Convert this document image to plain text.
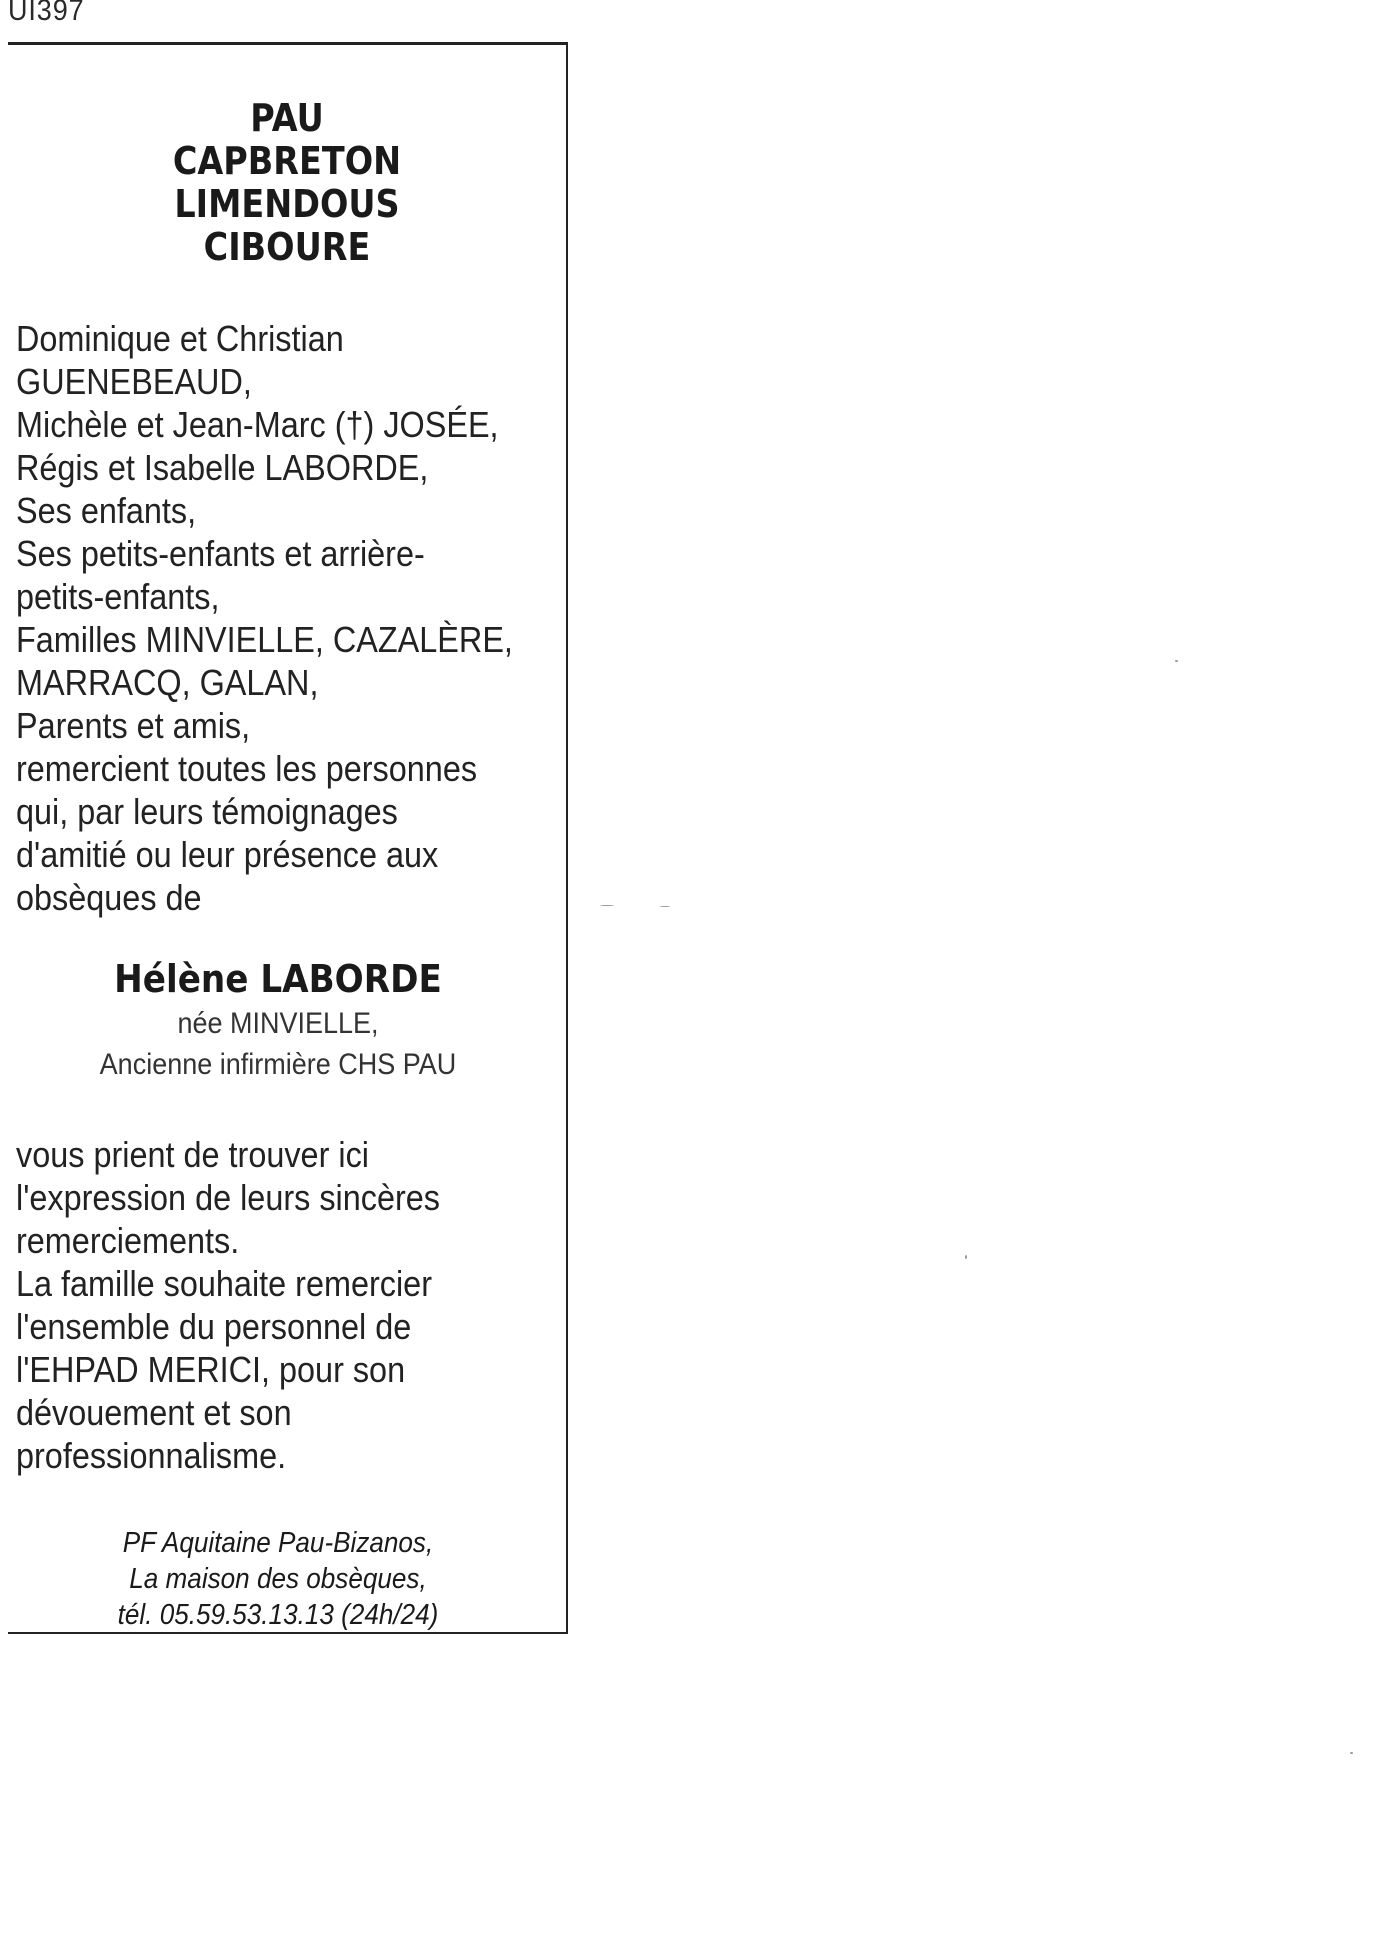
UI397
PAU
CAPBRETON
LIMENDOUS
CIBOURE
Dominique et Christian
GUENEBEAUD,
Michèle et Jean-Marc (†) JOSÉE,
Régis et Isabelle LABORDE,
Ses enfants,
Ses petits-enfants et arrière-
petits-enfants,
Familles MINVIELLE, CAZALÈRE,
MARRACQ, GALAN,
Parents et amis,
remercient toutes les personnes
qui, par leurs témoignages
d'amitié ou leur présence aux
obsèques de
Hélène LABORDE
née MINVIELLE,
Ancienne infirmière CHS PAU
vous prient de trouver ici
l'expression de leurs sincères
remerciements.
La famille souhaite remercier
l'ensemble du personnel de
l'EHPAD MERICI, pour son
dévouement et son
professionnalisme.
PF Aquitaine Pau-Bizanos,
La maison des obsèques,
tél. 05.59.53.13.13 (24h/24)
